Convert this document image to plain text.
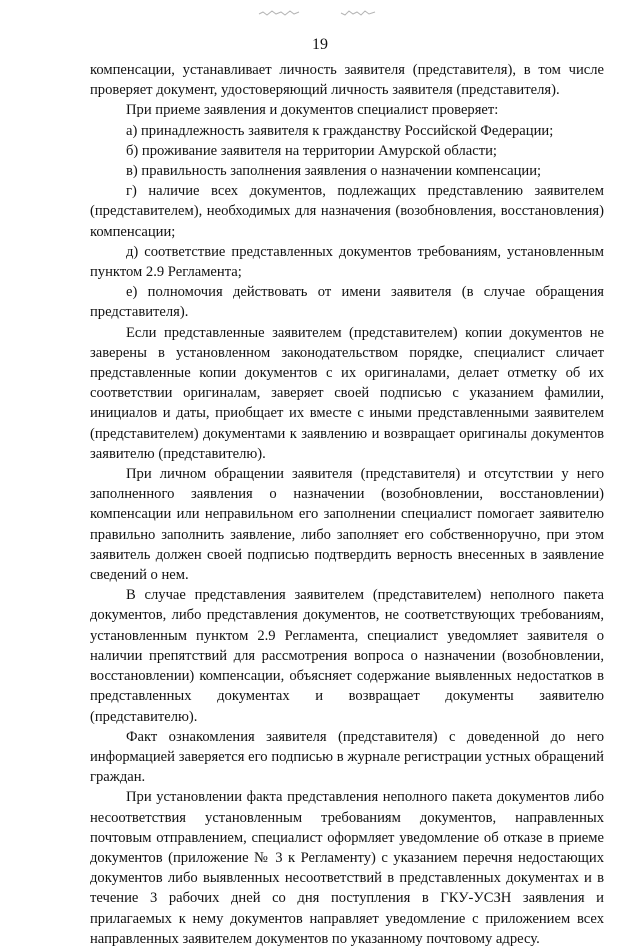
19

компенсации, устанавливает личность заявителя (представителя), в том числе проверяет документ, удостоверяющий личность заявителя (представителя).

При приеме заявления и документов специалист проверяет:

а) принадлежность заявителя к гражданству Российской Федерации;

б) проживание заявителя на территории Амурской области;

в) правильность заполнения заявления о назначении компенсации;

г) наличие всех документов, подлежащих представлению заявителем (представителем), необходимых для назначения (возобновления, восстановления) компенсации;

д) соответствие представленных документов требованиям, установленным пунктом 2.9 Регламента;

е) полномочия действовать от имени заявителя (в случае обращения представителя).

Если представленные заявителем (представителем) копии документов не заверены в установленном законодательством порядке, специалист сличает представленные копии документов с их оригиналами, делает отметку об их соответствии оригиналам, заверяет своей подписью с указанием фамилии, инициалов и даты, приобщает их вместе с иными представленными заявителем (представителем) документами к заявлению и возвращает оригиналы документов заявителю (представителю).

При личном обращении заявителя (представителя) и отсутствии у него заполненного заявления о назначении (возобновлении, восстановлении) компенсации или неправильном его заполнении специалист помогает заявителю правильно заполнить заявление, либо заполняет его собственноручно, при этом заявитель должен своей подписью подтвердить верность внесенных в заявление сведений о нем.

В случае представления заявителем (представителем) неполного пакета документов, либо представления документов, не соответствующих требованиям, установленным пунктом 2.9 Регламента, специалист уведомляет заявителя о наличии препятствий для рассмотрения вопроса о назначении (возобновлении, восстановлении) компенсации, объясняет содержание выявленных недостатков в представленных документах и возвращает документы заявителю (представителю).

Факт ознакомления заявителя (представителя) с доведенной до него информацией заверяется его подписью в журнале регистрации устных обращений граждан.

При установлении факта представления неполного пакета документов либо несоответствия установленным требованиям документов, направленных почтовым отправлением, специалист оформляет уведомление об отказе в приеме документов (приложение № 3 к Регламенту) с указанием перечня недостающих документов либо выявленных несоответствий в представленных документах и в течение 3 рабочих дней со дня поступления в ГКУ-УСЗН заявления и прилагаемых к нему документов направляет уведомление с приложением всех направленных заявителем документов по указанному почтовому адресу.
